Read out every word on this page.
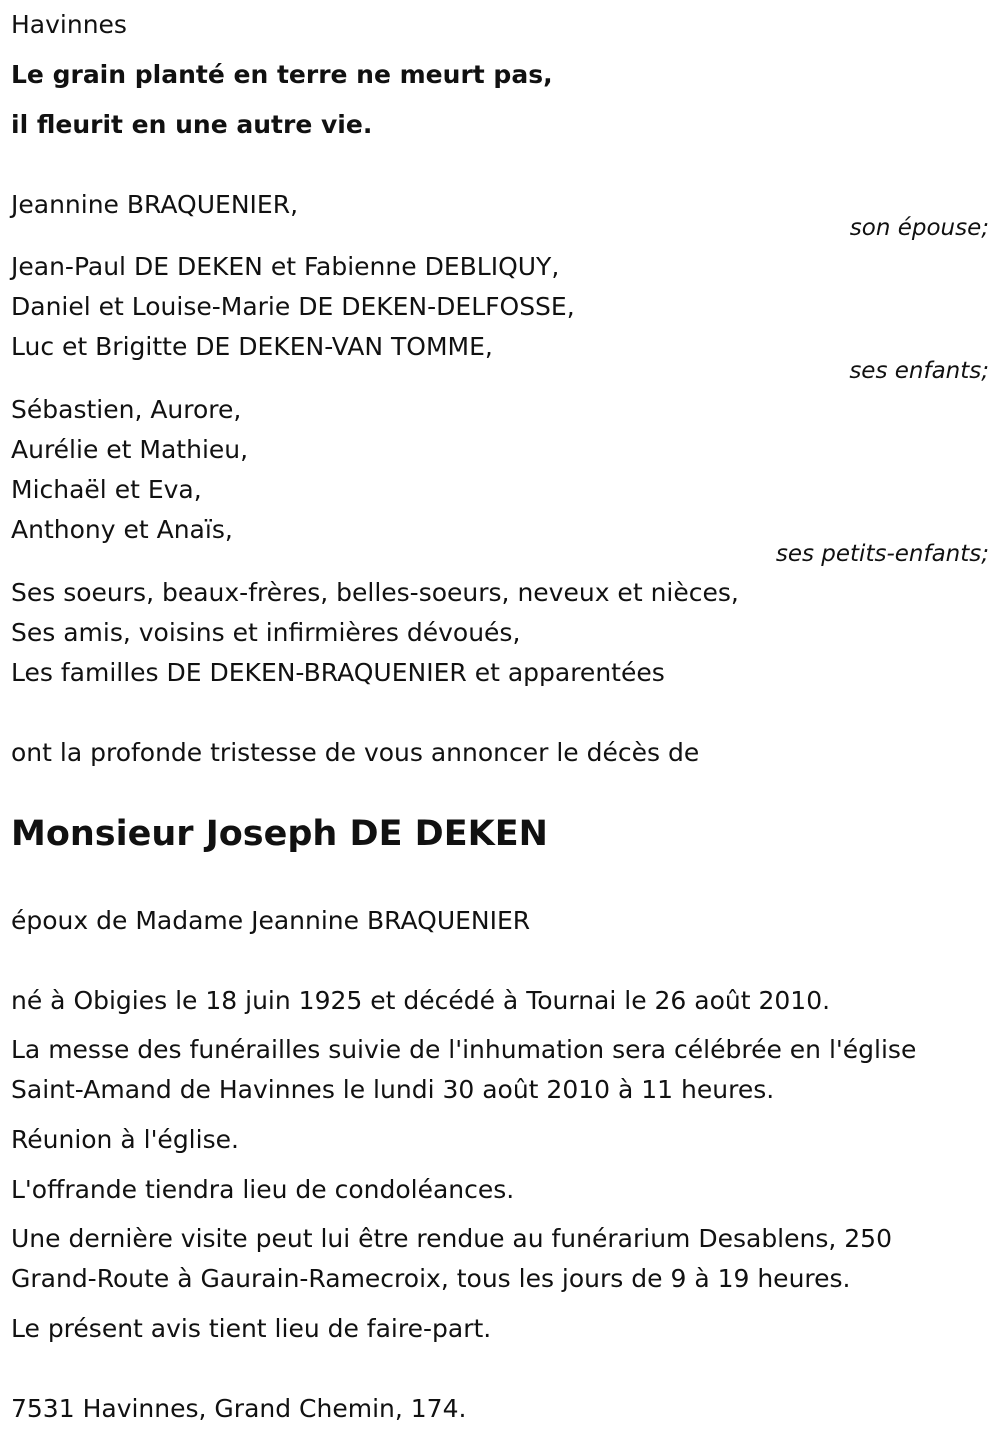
Havinnes
Le grain planté en terre ne meurt pas,
il fleurit en une autre vie.
Jeannine BRAQUENIER,
son épouse;
Jean-Paul DE DEKEN et Fabienne DEBLIQUY,
Daniel et Louise-Marie DE DEKEN-DELFOSSE,
Luc et Brigitte DE DEKEN-VAN TOMME,
ses enfants;
Sébastien, Aurore,
Aurélie et Mathieu,
Michaël et Eva,
Anthony et Anaïs,
ses petits-enfants;
Ses soeurs, beaux-frères, belles-soeurs, neveux et nièces,
Ses amis, voisins et infirmières dévoués,
Les familles DE DEKEN-BRAQUENIER et apparentées
ont la profonde tristesse de vous annoncer le décès de
Monsieur Joseph DE DEKEN
époux de Madame Jeannine BRAQUENIER
né à Obigies le 18 juin 1925 et décédé à Tournai le 26 août 2010.
La messe des funérailles suivie de l'inhumation sera célébrée en l'église
Saint-Amand de Havinnes le lundi 30 août 2010 à 11 heures.
Réunion à l'église.
L'offrande tiendra lieu de condoléances.
Une dernière visite peut lui être rendue au funérarium Desablens, 250
Grand-Route à Gaurain-Ramecroix, tous les jours de 9 à 19 heures.
Le présent avis tient lieu de faire-part.
7531 Havinnes, Grand Chemin, 174.
